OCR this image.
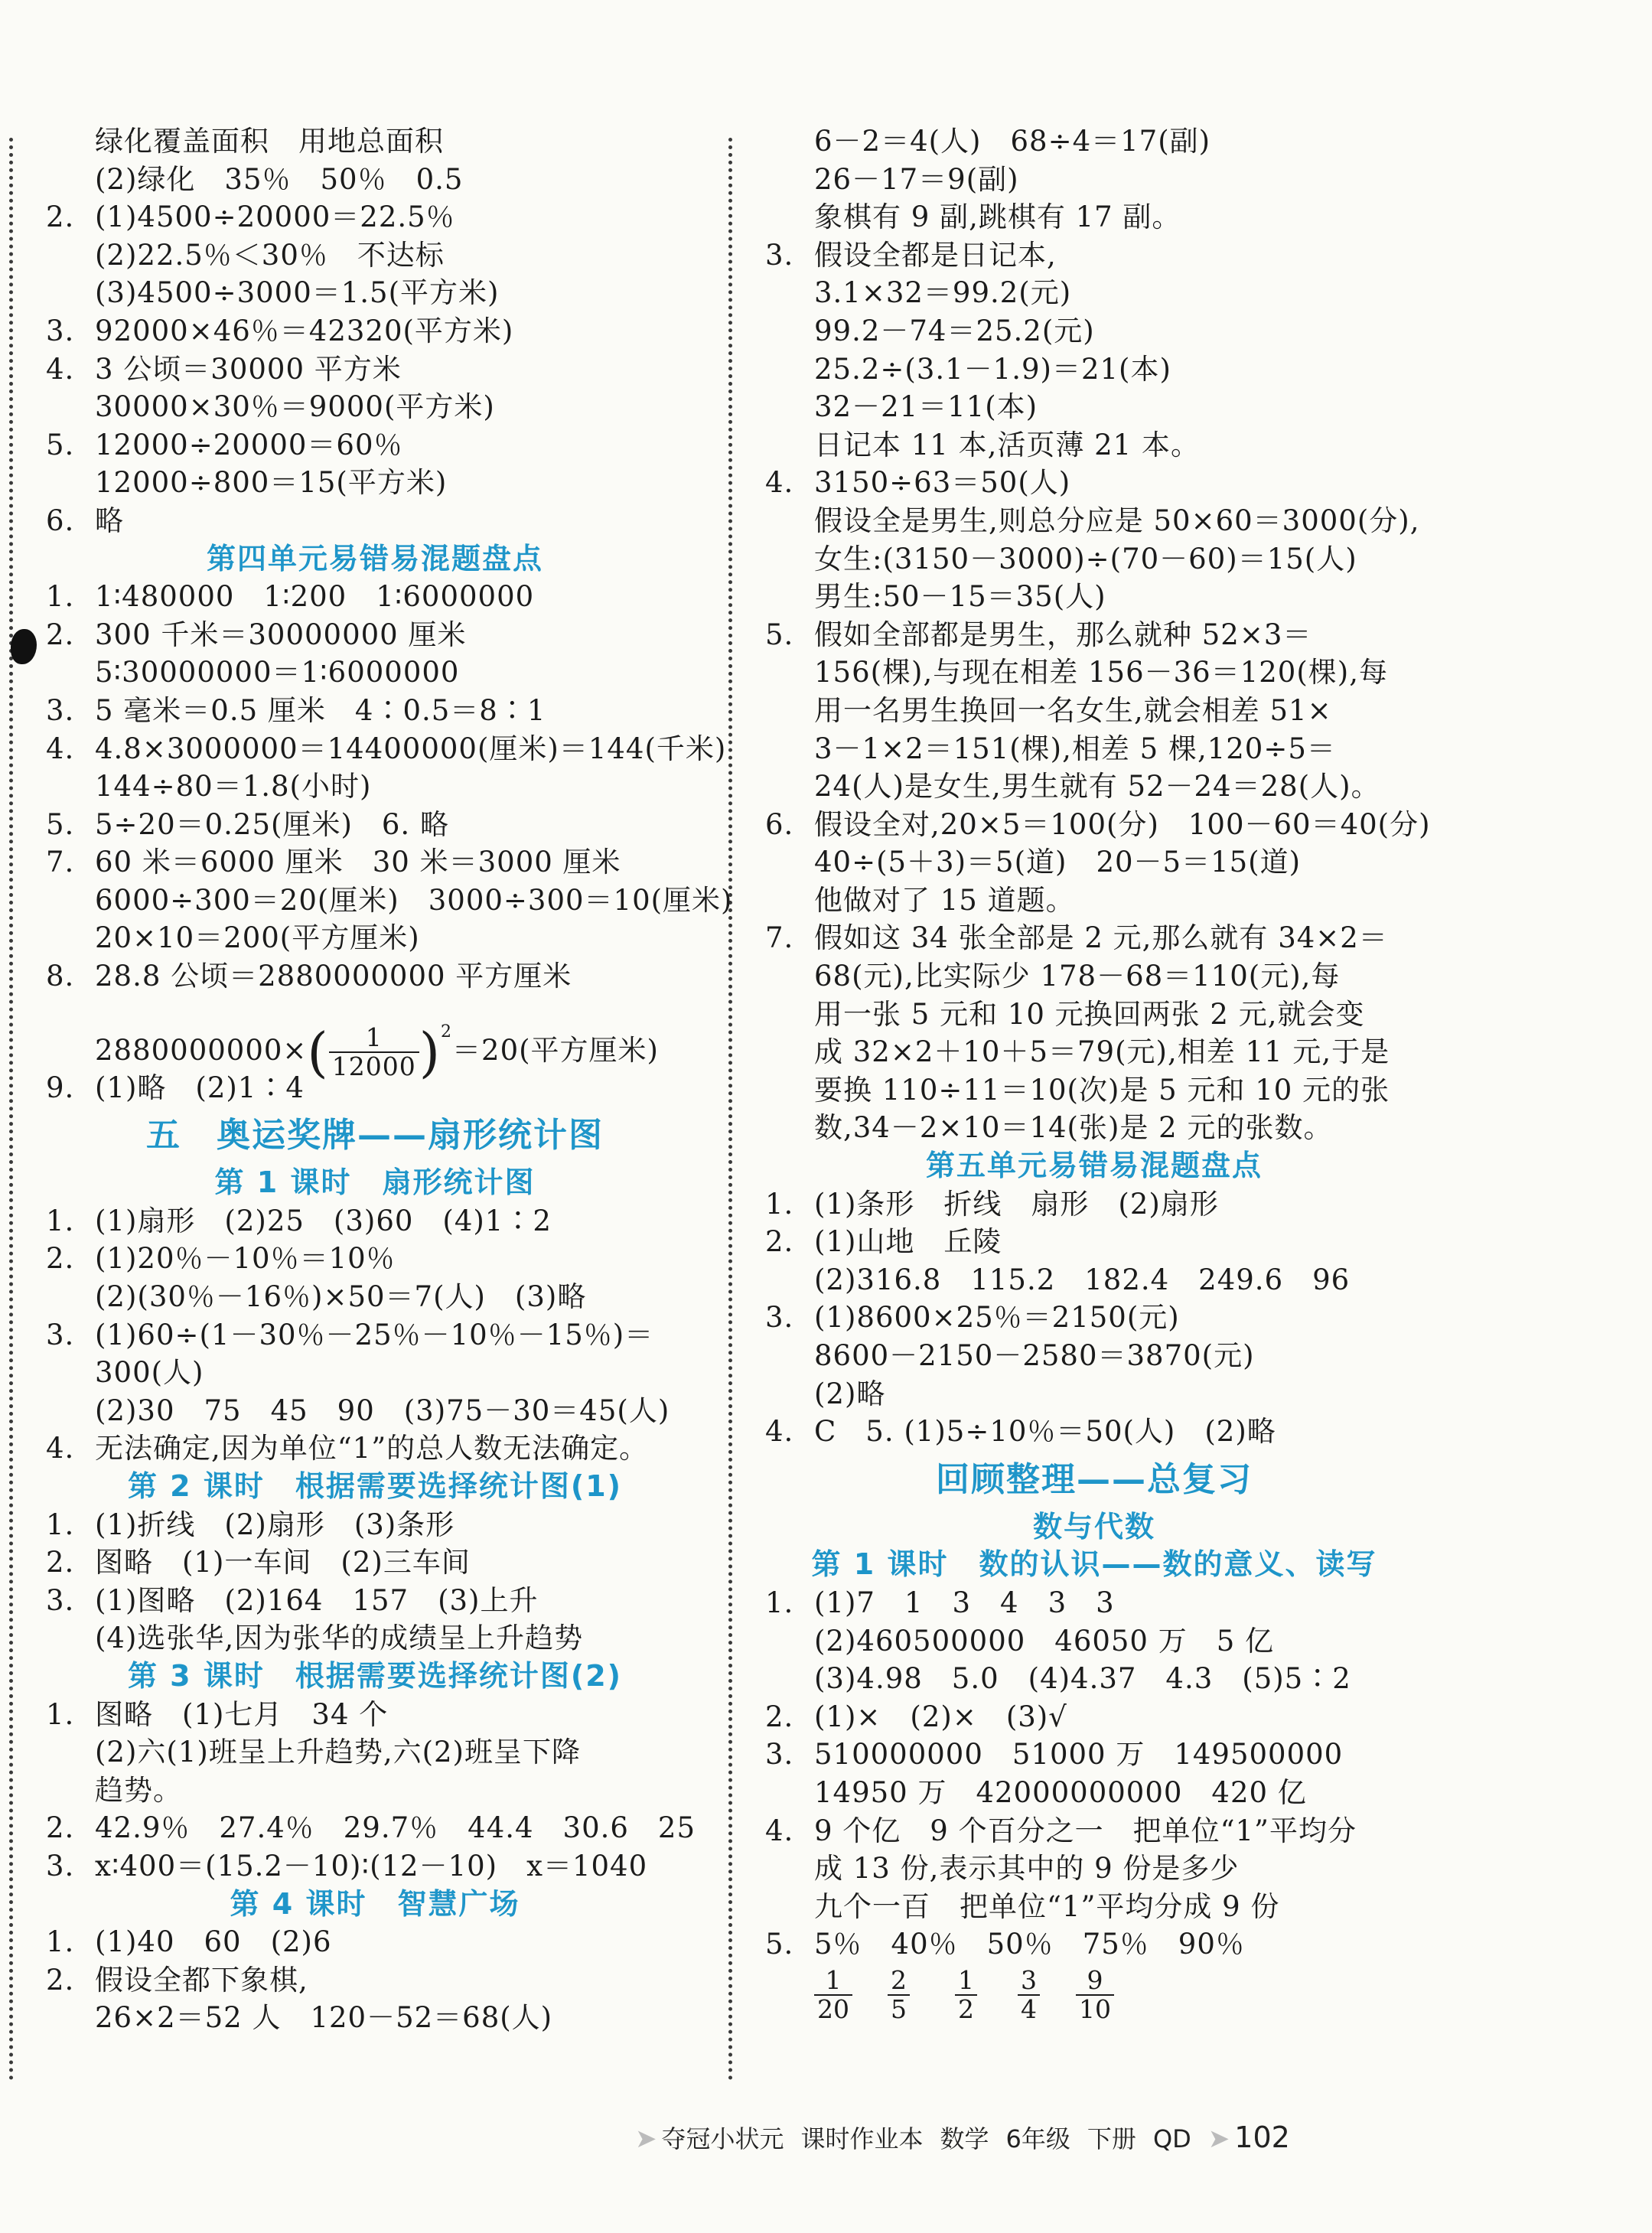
绿化覆盖面积　用地总面积
(2)绿化　35％　50％　0.5
2. (1)4500÷20000＝22.5％
(2)22.5％＜30％　不达标
(3)4500÷3000＝1.5(平方米)
3. 92000×46％＝42320(平方米)
4. 3 公顷＝30000 平方米
30000×30％＝9000(平方米)
5. 12000÷20000＝60％
12000÷800＝15(平方米)
6. 略
第四单元易错易混题盘点
1. 1∶480000　1∶200　1∶6000000
2. 300 千米＝30000000 厘米
5∶30000000＝1∶6000000
3. 5 毫米＝0.5 厘米　4∶0.5＝8∶1
4. 4.8×3000000＝14400000(厘米)＝144(千米)
144÷80＝1.8(小时)
5. 5÷20＝0.25(厘米)　6. 略
7. 60 米＝6000 厘米　30 米＝3000 厘米
6000÷300＝20(厘米)　3000÷300＝10(厘米)
20×10＝200(平方厘米)
8. 28.8 公顷＝2880000000 平方厘米
$2880000000\times( \frac{1}{12000} )^2=20$(平方厘米)
9. (1)略　(2)1∶4
五　奥运奖牌——扇形统计图
第 1 课时　扇形统计图
1. (1)扇形　(2)25　(3)60　(4)1∶2
2. (1)20％－10％＝10％
(2)(30％－16％)×50＝7(人)　(3)略
3. (1)60÷(1－30％－25％－10％－15％)＝
300(人)
(2)30　75　45　90　(3)75－30＝45(人)
4. 无法确定,因为单位“1”的总人数无法确定。
第 2 课时　根据需要选择统计图(1)
1. (1)折线　(2)扇形　(3)条形
2. 图略　(1)一车间　(2)三车间
3. (1)图略　(2)164　157　(3)上升
(4)选张华,因为张华的成绩呈上升趋势
第 3 课时　根据需要选择统计图(2)
1. 图略　(1)七月　34 个
(2)六(1)班呈上升趋势,六(2)班呈下降
趋势。
2. 42.9％　27.4％　29.7％　44.4　30.6　25
3. x∶400＝(15.2－10)∶(12－10)　x＝1040
第 4 课时　智慧广场
1. (1)40　60　(2)6
2. 假设全都下象棋,
26×2＝52 人　120－52＝68(人)
6－2＝4(人)　68÷4＝17(副)
26－17＝9(副)
象棋有 9 副,跳棋有 17 副。
3. 假设全都是日记本,
3.1×32＝99.2(元)
99.2－74＝25.2(元)
25.2÷(3.1－1.9)＝21(本)
32－21＝11(本)
日记本 11 本,活页薄 21 本。
4. 3150÷63＝50(人)
假设全是男生,则总分应是 50×60＝3000(分),
女生:(3150－3000)÷(70－60)＝15(人)
男生:50－15＝35(人)
5. 假如全部都是男生，那么就种 52×3＝
156(棵),与现在相差 156－36＝120(棵),每
用一名男生换回一名女生,就会相差 51×
3－1×2＝151(棵),相差 5 棵,120÷5＝
24(人)是女生,男生就有 52－24＝28(人)。
6. 假设全对,20×5＝100(分)　100－60＝40(分)
40÷(5＋3)＝5(道)　20－5＝15(道)
他做对了 15 道题。
7. 假如这 34 张全部是 2 元,那么就有 34×2＝
68(元),比实际少 178－68＝110(元),每
用一张 5 元和 10 元换回两张 2 元,就会变
成 32×2＋10＋5＝79(元),相差 11 元,于是
要换 110÷11＝10(次)是 5 元和 10 元的张
数,34－2×10＝14(张)是 2 元的张数。
第五单元易错易混题盘点
1. (1)条形　折线　扇形　(2)扇形
2. (1)山地　丘陵
(2)316.8　115.2　182.4　249.6　96
3. (1)8600×25％＝2150(元)
8600－2150－2580＝3870(元)
(2)略
4. C　5. (1)5÷10％＝50(人)　(2)略
回顾整理——总复习
数与代数
第 1 课时　数的认识——数的意义、读写
1. (1)7　1　3　4　3　3
(2)460500000　46050 万　5 亿
(3)4.98　5.0　(4)4.37　4.3　(5)5∶2
2. (1)×　(2)×　(3)√
3. 510000000　51000 万　149500000
14950 万　42000000000　420 亿
4. 9 个亿　9 个百分之一　把单位“1”平均分
成 13 份,表示其中的 9 份是多少
九个一百　把单位“1”平均分成 9 份
5. 5％　40％　50％　75％　90％
$\frac{1}{20} \frac{2}{5} \frac{1}{2} \frac{3}{4} \frac{9}{10}$
➤ 夺冠小状元 课时作业本 数学 6年级 下册 QD ➤ 102
